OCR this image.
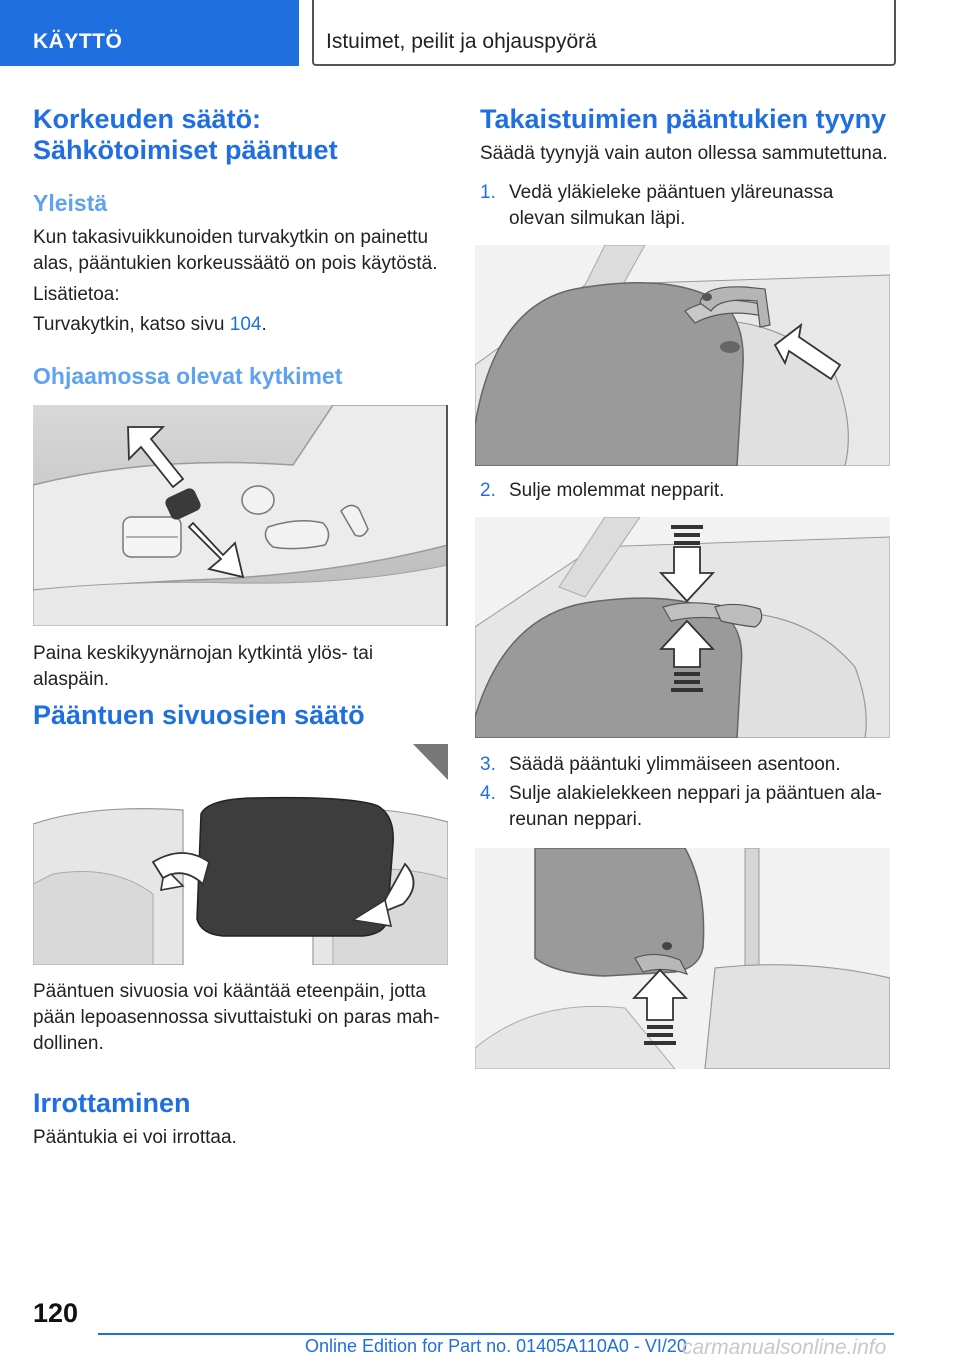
KÄYTTÖ	Istuimet, peilit ja ohjauspyörä
Korkeuden säätö: Sähkötoimiset pääntuet
Yleistä

Kun takasivuikkunoiden turvakytkin on painettu alas, pääntukien korkeussäätö on pois käytöstä.

Lisätietoa:

Turvakytkin, katso sivu 104.

Ohjaamossa olevat kytkimet

Paina keskikyynärnojan kytkintä ylös- tai alaspäin.

Pääntuen sivuosien säätö

Pääntuen sivuosia voi kääntää eteenpäin, jotta pään lepoasennossa sivuttaistuki on paras mah-dollinen.

Irrottaminen

Pääntukia ei voi irrottaa.

Takaistuimien pääntukien tyyny

Säädä tyynyjä vain auton ollessa sammutettuna.

1. Vedä yläkieleke pääntuen yläreunassa olevan silmukan läpi.
2. Sulje molemmat nepparit.
3. Säädä pääntuki ylimmäiseen asentoon.
4. Sulje alakielekkeen neppari ja pääntuen ala-reunan neppari.
120
Online Edition for Part no. 01405A110A0 - VI/20
carmanualsonline.info
